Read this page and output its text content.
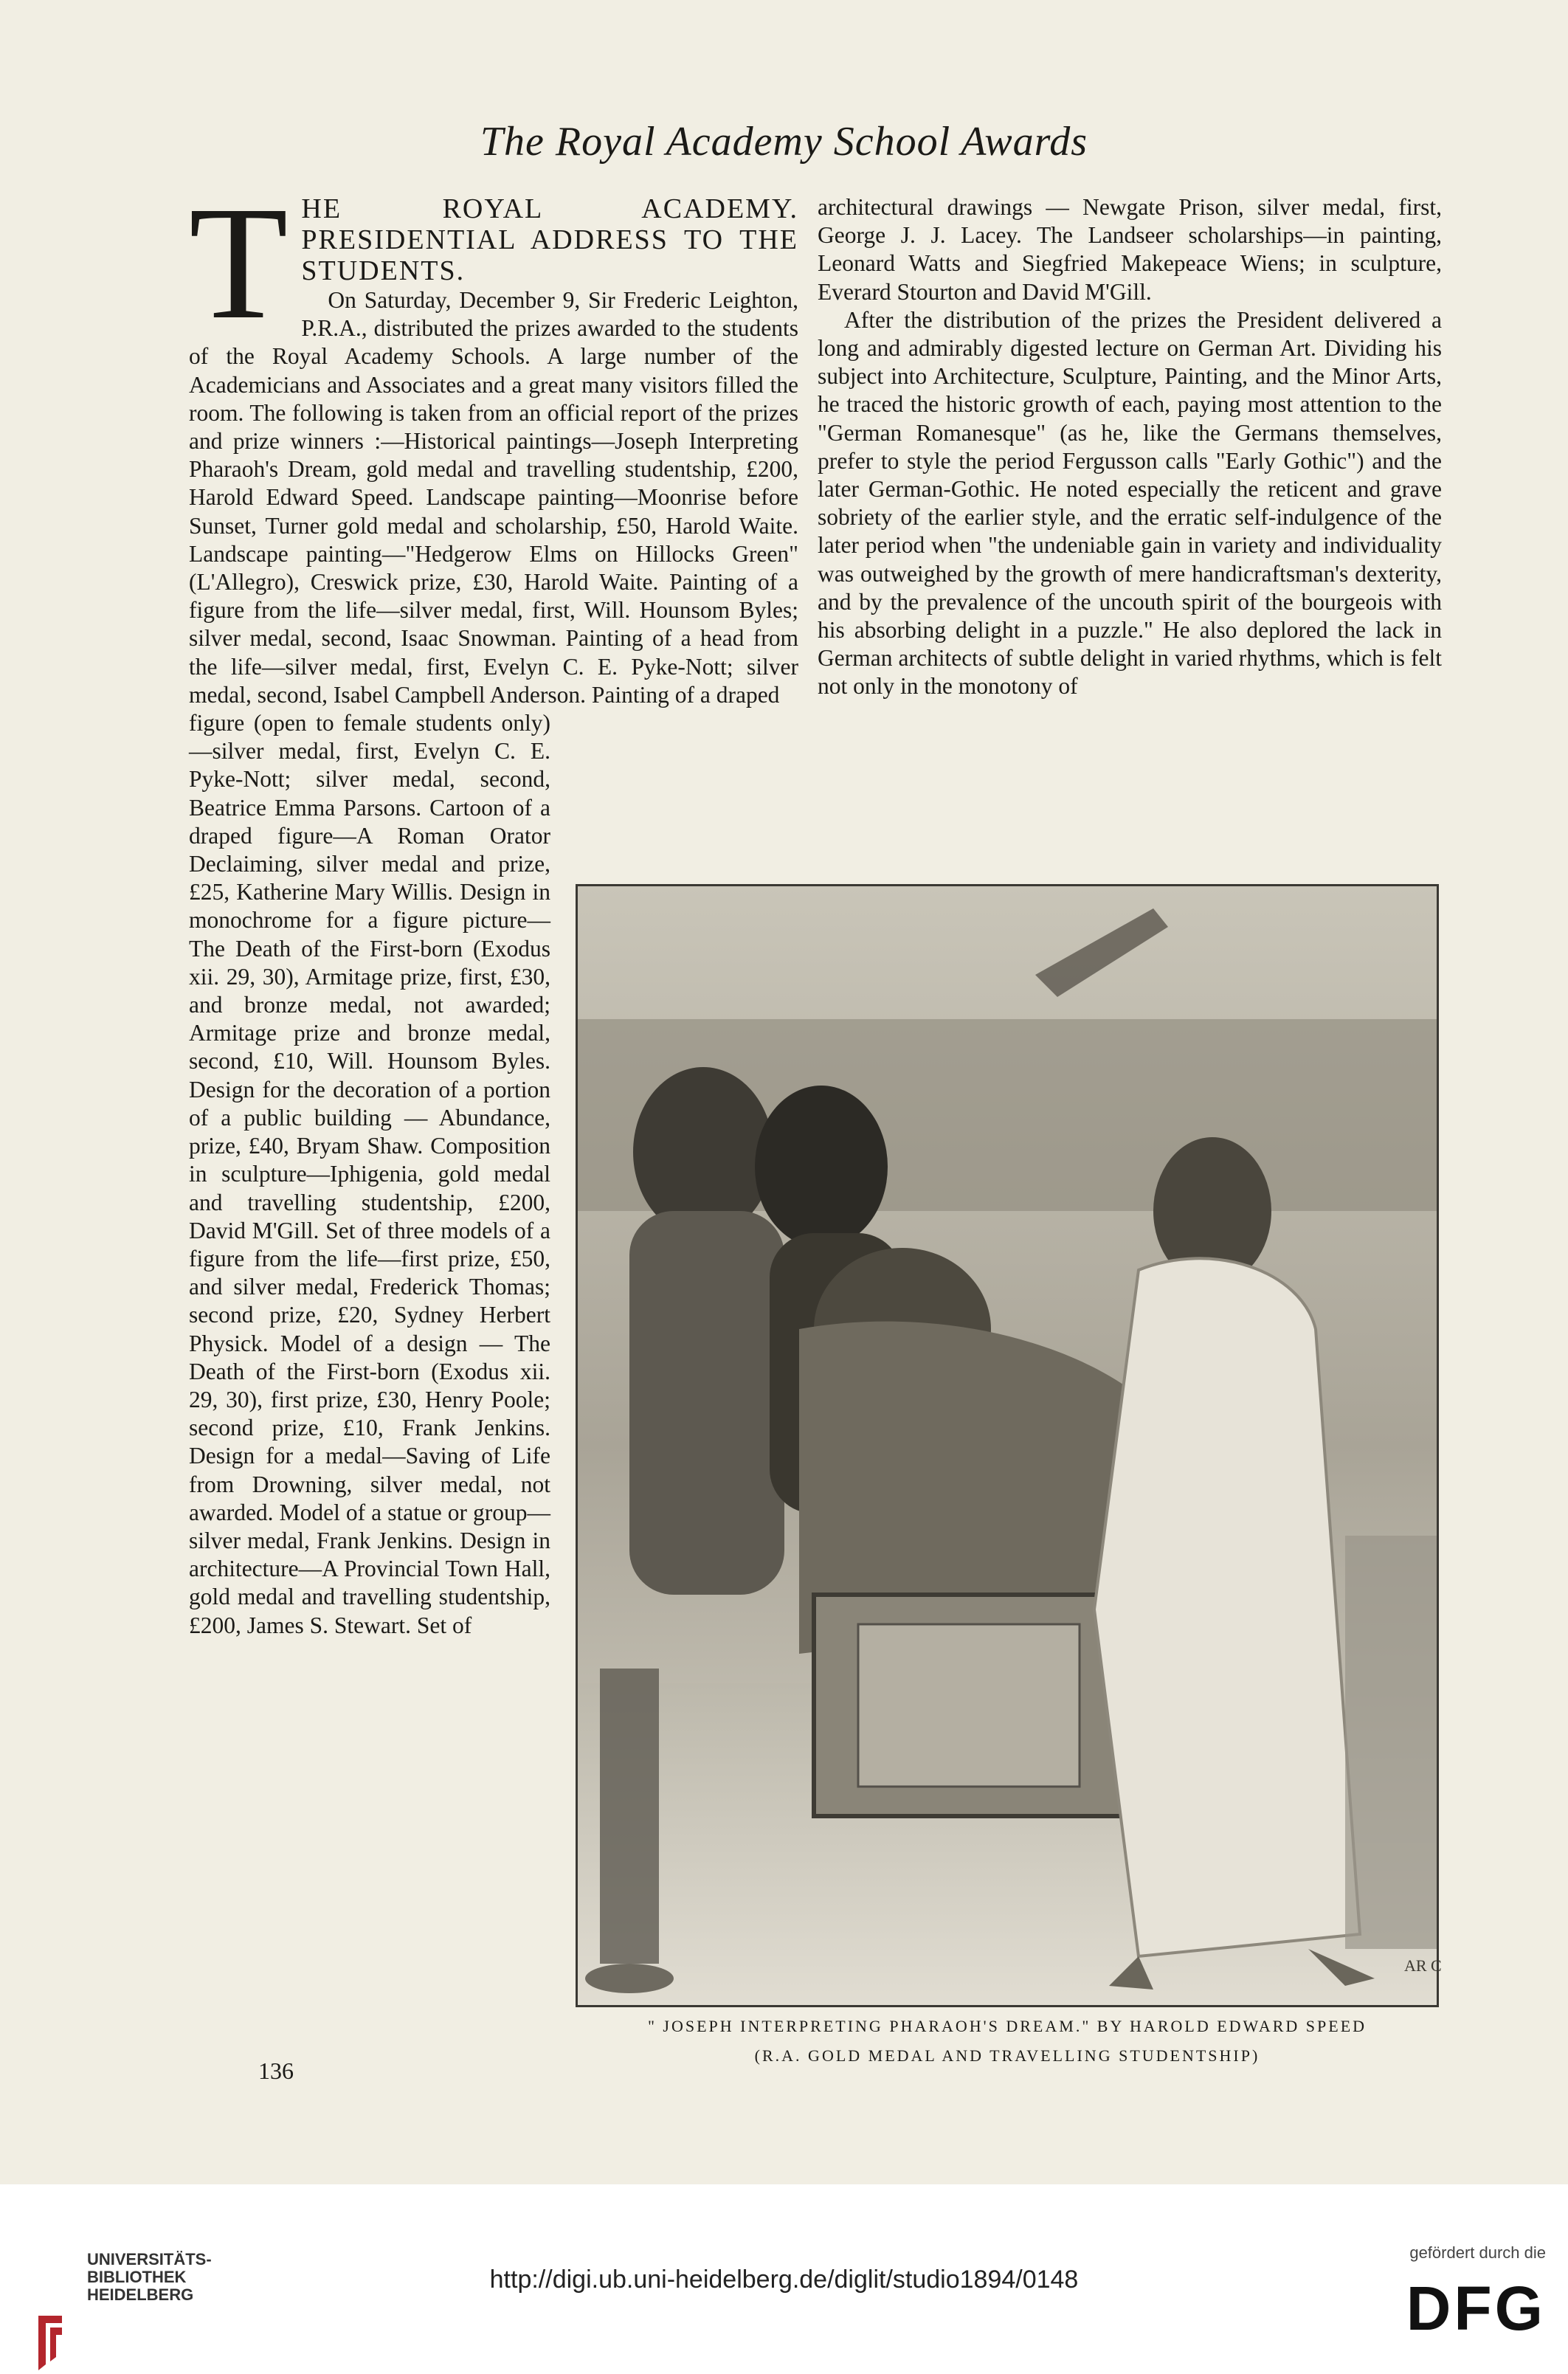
The Royal Academy School Awards
T HE ROYAL ACADEMY. PRESIDENTIAL ADDRESS TO THE STUDENTS.

On Saturday, December 9, Sir Frederic Leighton, P.R.A., distributed the prizes awarded to the students of the Royal Academy Schools. A large number of the Academicians and Associates and a great many visitors filled the room. The following is taken from an official report of the prizes and prize winners :—Historical paintings—Joseph Interpreting Pharaoh's Dream, gold medal and travelling studentship, £200, Harold Edward Speed. Landscape painting—Moonrise before Sunset, Turner gold medal and scholarship, £50, Harold Waite. Landscape painting—"Hedgerow Elms on Hillocks Green" (L'Allegro), Creswick prize, £30, Harold Waite. Painting of a figure from the life—silver medal, first, Will. Hounsom Byles; silver medal, second, Isaac Snowman. Painting of a head from the life—silver medal, first, Evelyn C. E. Pyke-Nott; silver medal, second, Isabel Campbell Anderson. Painting of a draped

figure (open to female students only)—silver medal, first, Evelyn C. E. Pyke-Nott; silver medal, second, Beatrice Emma Parsons. Cartoon of a draped figure—A Roman Orator Declaiming, silver medal and prize, £25, Katherine Mary Willis. Design in monochrome for a figure picture—The Death of the First-born (Exodus xii. 29, 30), Armitage prize, first, £30, and bronze medal, not awarded; Armitage prize and bronze medal, second, £10, Will. Hounsom Byles. Design for the decoration of a portion of a public building — Abundance, prize, £40, Bryam Shaw. Composition in sculpture—Iphigenia, gold medal and travelling studentship, £200, David M'Gill. Set of three models of a figure from the life—first prize, £50, and silver medal, Frederick Thomas; second prize, £20, Sydney Herbert Physick. Model of a design — The Death of the First-born (Exodus xii. 29, 30), first prize, £30, Henry Poole; second prize, £10, Frank Jenkins. Design for a medal—Saving of Life from Drowning, silver medal, not awarded. Model of a statue or group—silver medal, Frank Jenkins. Design in architecture—A Provincial Town Hall, gold medal and travelling studentship, £200, James S. Stewart. Set of

architectural drawings — Newgate Prison, silver medal, first, George J. J. Lacey. The Landseer scholarships—in painting, Leonard Watts and Siegfried Makepeace Wiens; in sculpture, Everard Stourton and David M'Gill.

After the distribution of the prizes the President delivered a long and admirably digested lecture on German Art. Dividing his subject into Architecture, Sculpture, Painting, and the Minor Arts, he traced the historic growth of each, paying most attention to the "German Romanesque" (as he, like the Germans themselves, prefer to style the period Fergusson calls "Early Gothic") and the later German-Gothic. He noted especially the reticent and grave sobriety of the earlier style, and the erratic self-indulgence of the later period when "the undeniable gain in variety and individuality was outweighed by the growth of mere handicraftsman's dexterity, and by the prevalence of the uncouth spirit of the bourgeois with his absorbing delight in a puzzle." He also deplored the lack in German architects of subtle delight in varied rhythms, which is felt not only in the monotony of

AR C
" JOSEPH INTERPRETING PHARAOH'S DREAM." BY HAROLD EDWARD SPEED
(R.A. GOLD MEDAL AND TRAVELLING STUDENTSHIP)
136
UNIVERSITÄTS-
BIBLIOTHEK
HEIDELBERG
http://digi.ub.uni-heidelberg.de/diglit/studio1894/0148
gefördert durch die
DFG
